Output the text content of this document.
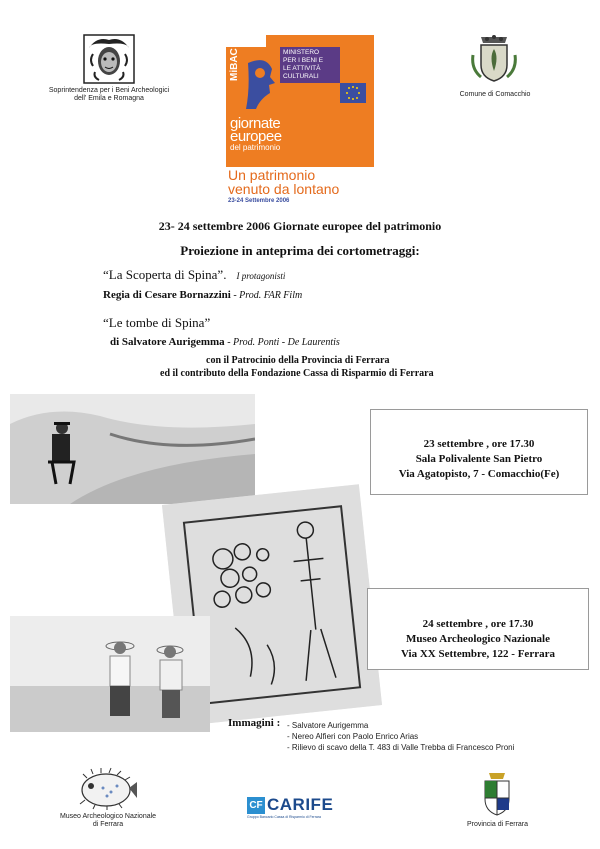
Soprintendenza per i Beni Archeologici
dell' Emila e Romagna
Comune di Comacchio
MiBAC	MINISTERO
PER I BENI E
LE ATTIVITÀ
CULTURALI
giornate
europee
del patrimonio
Un patrimonio
venuto da lontano
23-24 Settembre 2006
23- 24 settembre 2006 Giornate europee del patrimonio
Proiezione in anteprima dei cortometraggi:
“La Scoperta di Spina”. I protagonisti
Regia di Cesare Bornazzini - Prod. FAR Film
“Le tombe di Spina”
di Salvatore Aurigemma - Prod. Ponti - De Laurentis
con il Patrocinio della Provincia di Ferrara
ed il contributo della Fondazione Cassa di Risparmio di Ferrara
23 settembre , ore 17.30
Sala Polivalente San Pietro
Via Agatopisto, 7 - Comacchio(Fe)
24 settembre , ore 17.30
Museo Archeologico Nazionale
Via XX Settembre, 122 - Ferrara
Immagini : - Salvatore Aurigemma
- Nereo Alfieri con Paolo Enrico Arias
- Rilievo di scavo della T. 483 di Valle Trebba di Francesco Proni
Museo Archeologico Nazionale
di Ferrara
CF CARIFE
Gruppo Bancario Cassa di Risparmio di Ferrara
Provincia di Ferrara
